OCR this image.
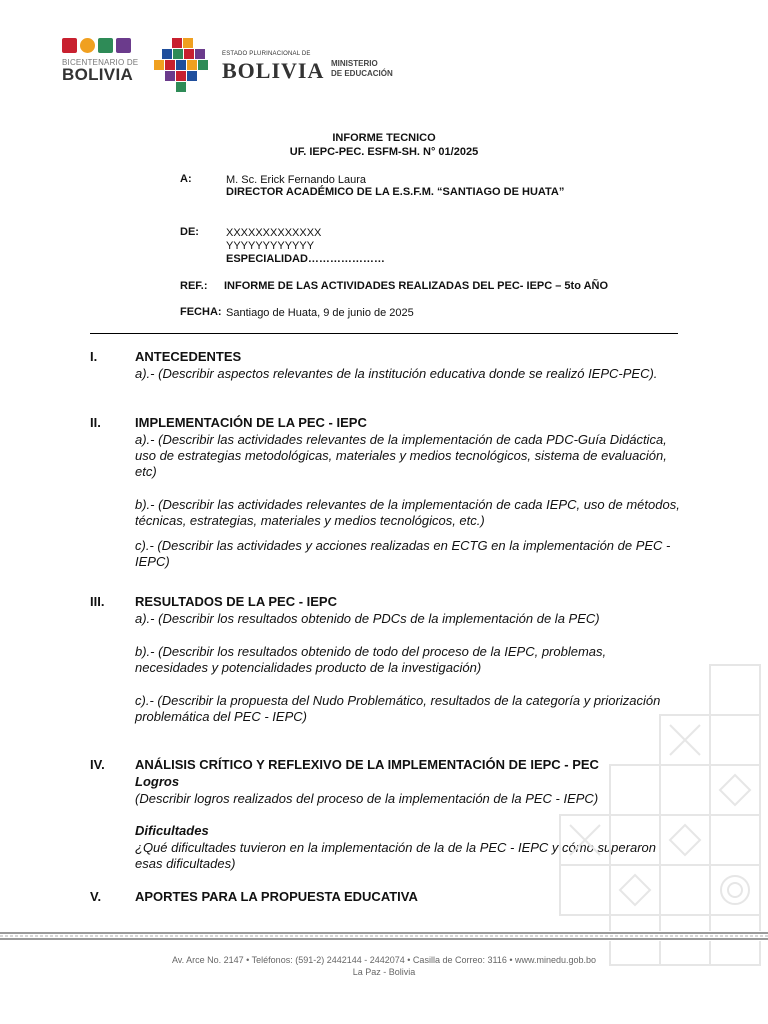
BICENTENARIO DE
BOLIVIA
ESTADO PLURINACIONAL DE
BOLIVIA MINISTERIO
DE EDUCACIÓN
INFORME TECNICO
UF. IEPC-PEC. ESFM-SH. N° 01/2025
A:	M. Sc. Erick Fernando Laura
DIRECTOR ACADÉMICO DE LA E.S.F.M. “SANTIAGO DE HUATA”
DE: XXXXXXXXXXXXX
YYYYYYYYYYYY
ESPECIALIDAD…………………
REF.: INFORME DE LAS ACTIVIDADES REALIZADAS DEL PEC- IEPC – 5to AÑO
FECHA: Santiago de Huata, 9 de junio de 2025
I.	ANTECEDENTES
a).- (Describir aspectos relevantes de la institución educativa donde se realizó IEPC-PEC).
II.	IMPLEMENTACIÓN DE LA PEC - IEPC
a).- (Describir las actividades relevantes de la implementación de cada PDC-Guía Didáctica, uso de estrategias metodológicas, materiales y medios tecnológicos, sistema de evaluación, etc)
b).- (Describir las actividades relevantes de la implementación de cada IEPC, uso de métodos, técnicas, estrategias, materiales y medios tecnológicos, etc.)
c).- (Describir las actividades y acciones realizadas en ECTG en la implementación de PEC - IEPC)
III. RESULTADOS DE LA PEC - IEPC
a).- (Describir los resultados obtenido de PDCs de la implementación de la PEC)
b).- (Describir los resultados obtenido de todo del proceso de la IEPC, problemas, necesidades y potencialidades producto de la investigación)
c).- (Describir la propuesta del Nudo Problemático, resultados de la categoría y priorización problemática del PEC - IEPC)
IV. ANÁLISIS CRÍTICO Y REFLEXIVO DE LA IMPLEMENTACIÓN DE IEPC - PEC
Logros
(Describir logros realizados del proceso de la implementación de la PEC - IEPC)
Dificultades
¿Qué dificultades tuvieron en la implementación de la de la PEC - IEPC y cómo superaron esas dificultades)
V.	APORTES PARA LA PROPUESTA EDUCATIVA
Av. Arce No. 2147 • Teléfonos: (591-2) 2442144 - 2442074 • Casilla de Correo: 3116 • www.minedu.gob.bo
La Paz - Bolivia
